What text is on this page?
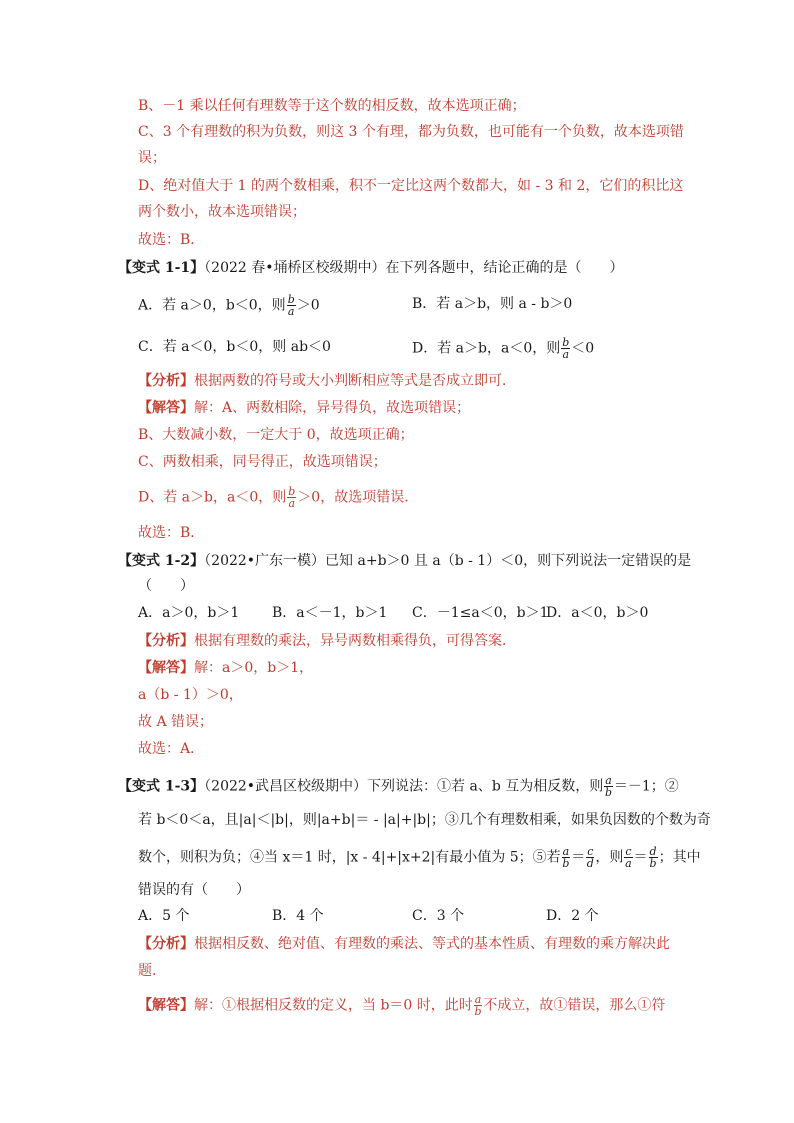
B、－1 乘以任何有理数等于这个数的相反数，故本选项正确；
C、3 个有理数的积为负数，则这 3 个有理，都为负数，也可能有一个负数，故本选项错
误；
D、绝对值大于 1 的两个数相乘，积不一定比这两个数都大，如 - 3 和 2，它们的积比这
两个数小，故本选项错误；
故选：B．
【变式 1-1】（2022 春•埇桥区校级期中）在下列各题中，结论正确的是（　　）
A．若 a＞0，b＜0，则 $\frac{b}{a} >0$	B．若 a＞b，则 a - b＞0
C．若 a＜0，b＜0，则 ab＜0	D．若 a＞b，a＜0，则 $\frac{b}{a} <0$
【分析】根据两数的符号或大小判断相应等式是否成立即可．
【解答】解：A、两数相除，异号得负，故选项错误；
B、大数减小数，一定大于 0，故选项正确；
C、两数相乘，同号得正，故选项错误；
D、若 a＞b，a＜0，则 $\frac{b}{a} >0$，故选项错误．
故选：B．
【变式 1-2】（2022•广东一模）已知 a+b＞0 且 a（b - 1）＜0，则下列说法一定错误的是
（　　）
A．a＞0，b＞1 B．a＜－1，b＞1 C．－1≤a＜0，b＞1
D．a＜0，b＞0
【分析】根据有理数的乘法，异号两数相乘得负，可得答案．
【解答】解：a＞0，b＞1，
a（b - 1）＞0，
故 A 错误；
故选：A．
【变式 1-3】（2022•武昌区校级期中）下列说法：①若 a、b 互为相反数，则 $\frac{a}{b} =-1$；②
若 b＜0＜a，且|a|＜|b|，则|a+b|＝ - |a|+|b|；③几个有理数相乘，如果负因数的个数为奇
数个，则积为负；④当 x＝1 时，|x - 4|+|x+2|有最小值为 5；⑤若 $\frac{a}{b} = \frac{c}{d}$ ，则 $\frac{c}{a} = \frac{d}{b}$ ；其中
错误的有（　　）
A．5 个	B．4 个	C．3 个	D．2 个
【分析】根据相反数、绝对值、有理数的乘法、等式的基本性质、有理数的乘方解决此
题．
【解答】解：①根据相反数的定义，当 b＝0 时，此时 $\frac{a}{b}$ 不成立，故①错误，那么①符
